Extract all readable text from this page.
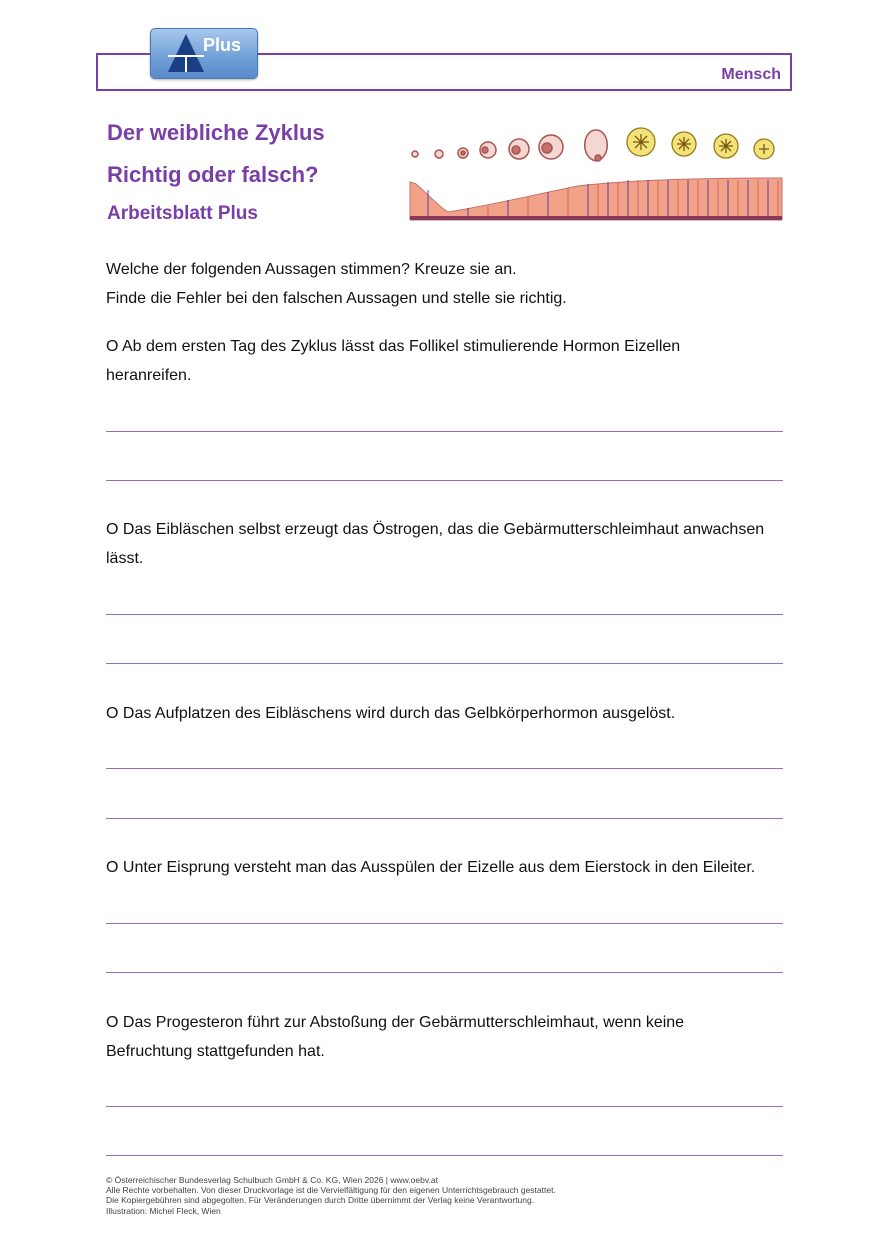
Mensch
Plus
Der weibliche Zyklus
Richtig oder falsch?
Arbeitsblatt Plus
Welche der folgenden Aussagen stimmen? Kreuze sie an.
Finde die Fehler bei den falschen Aussagen und stelle sie richtig.
O Ab dem ersten Tag des Zyklus lässt das Follikel stimulierende Hormon Eizellen
heranreifen.
O Das Eibläschen selbst erzeugt das Östrogen, das die Gebärmutterschleimhaut anwachsen
lässt.
O Das Aufplatzen des Eibläschens wird durch das Gelbkörperhormon ausgelöst.
O Unter Eisprung versteht man das Ausspülen der Eizelle aus dem Eierstock in den Eileiter.
O Das Progesteron führt zur Abstoßung der Gebärmutterschleimhaut, wenn keine
Befruchtung stattgefunden hat.
© Österreichischer Bundesverlag Schulbuch GmbH & Co. KG, Wien 2026 | www.oebv.at
Alle Rechte vorbehalten. Von dieser Druckvorlage ist die Vervielfältigung für den eigenen Unterrichtsgebrauch gestattet.
Die Kopiergebühren sind abgegolten. Für Veränderungen durch Dritte übernimmt der Verlag keine Verantwortung.
Illustration: Michel Fleck, Wien
